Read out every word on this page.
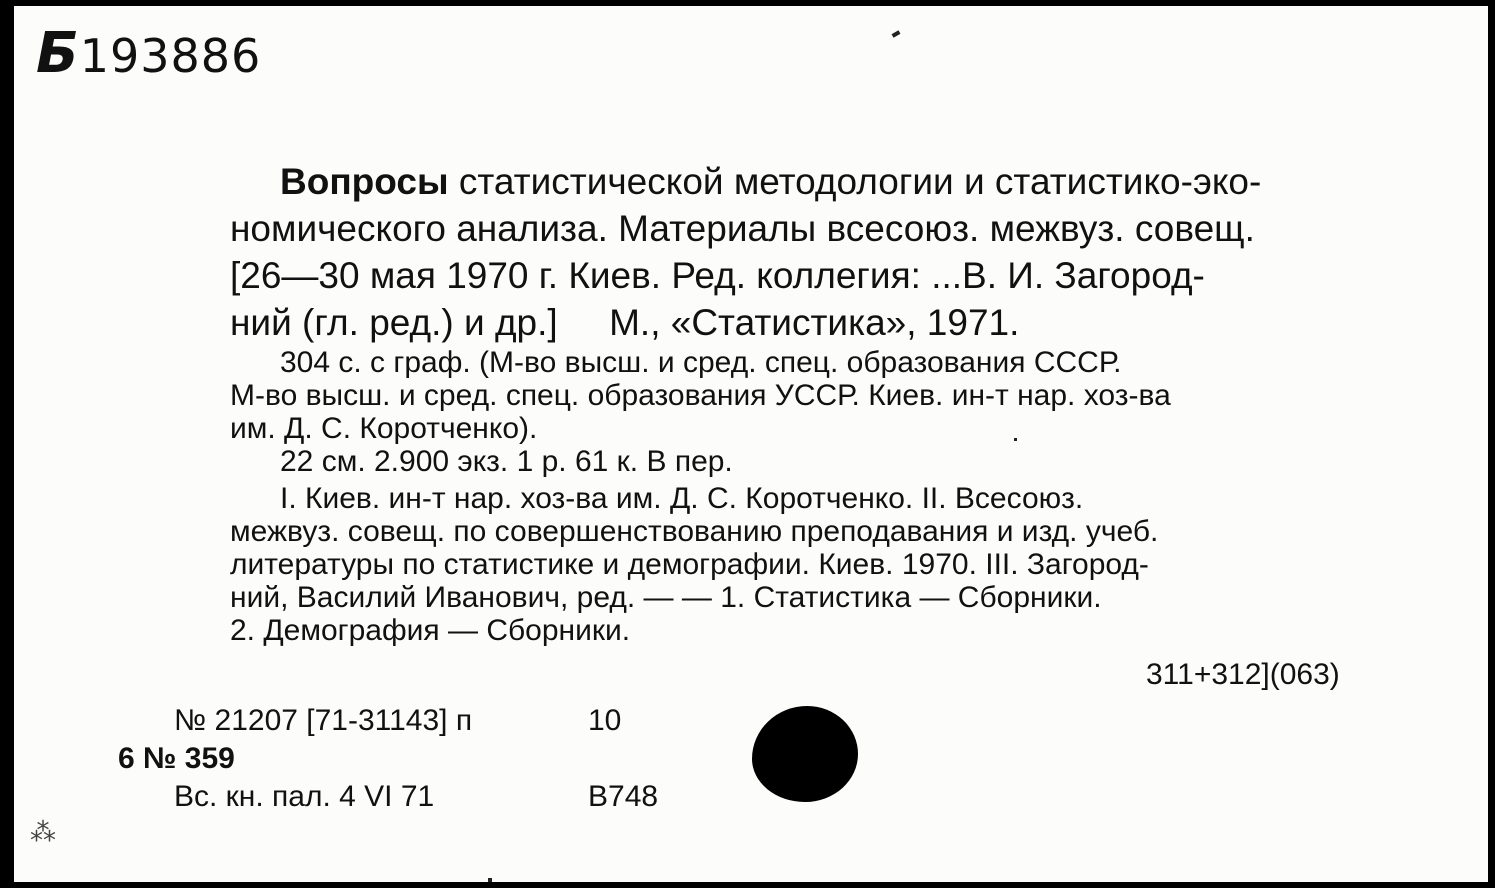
Б193886
Вопросы статистической методологии и статистико-эко-
номического анализа. Материалы всесоюз. межвуз. совещ.
[26—30 мая 1970 г. Киев. Ред. коллегия: ...В. И. Загород-
ний (гл. ред.) и др.]     М., «Статистика», 1971.
304 с. с граф. (М-во высш. и сред. спец. образования СССР.
М-во высш. и сред. спец. образования УССР. Киев. ин-т нар. хоз-ва
им. Д. С. Коротченко).
22 см. 2.900 экз. 1 р. 61 к. В пер.
I. Киев. ин-т нар. хоз-ва им. Д. С. Коротченко. II. Всесоюз.
межвуз. совещ. по совершенствованию преподавания и изд. учеб.
литературы по статистике и демографии. Киев. 1970. III. Загород-
ний, Василий Иванович, ред. — — 1. Статистика — Сборники.
2. Демография — Сборники.
311+312](063)
№ 21207 [71-31143] п	10
6 № 359
Вс. кн. пал. 4 VI 71	В748
⁂
